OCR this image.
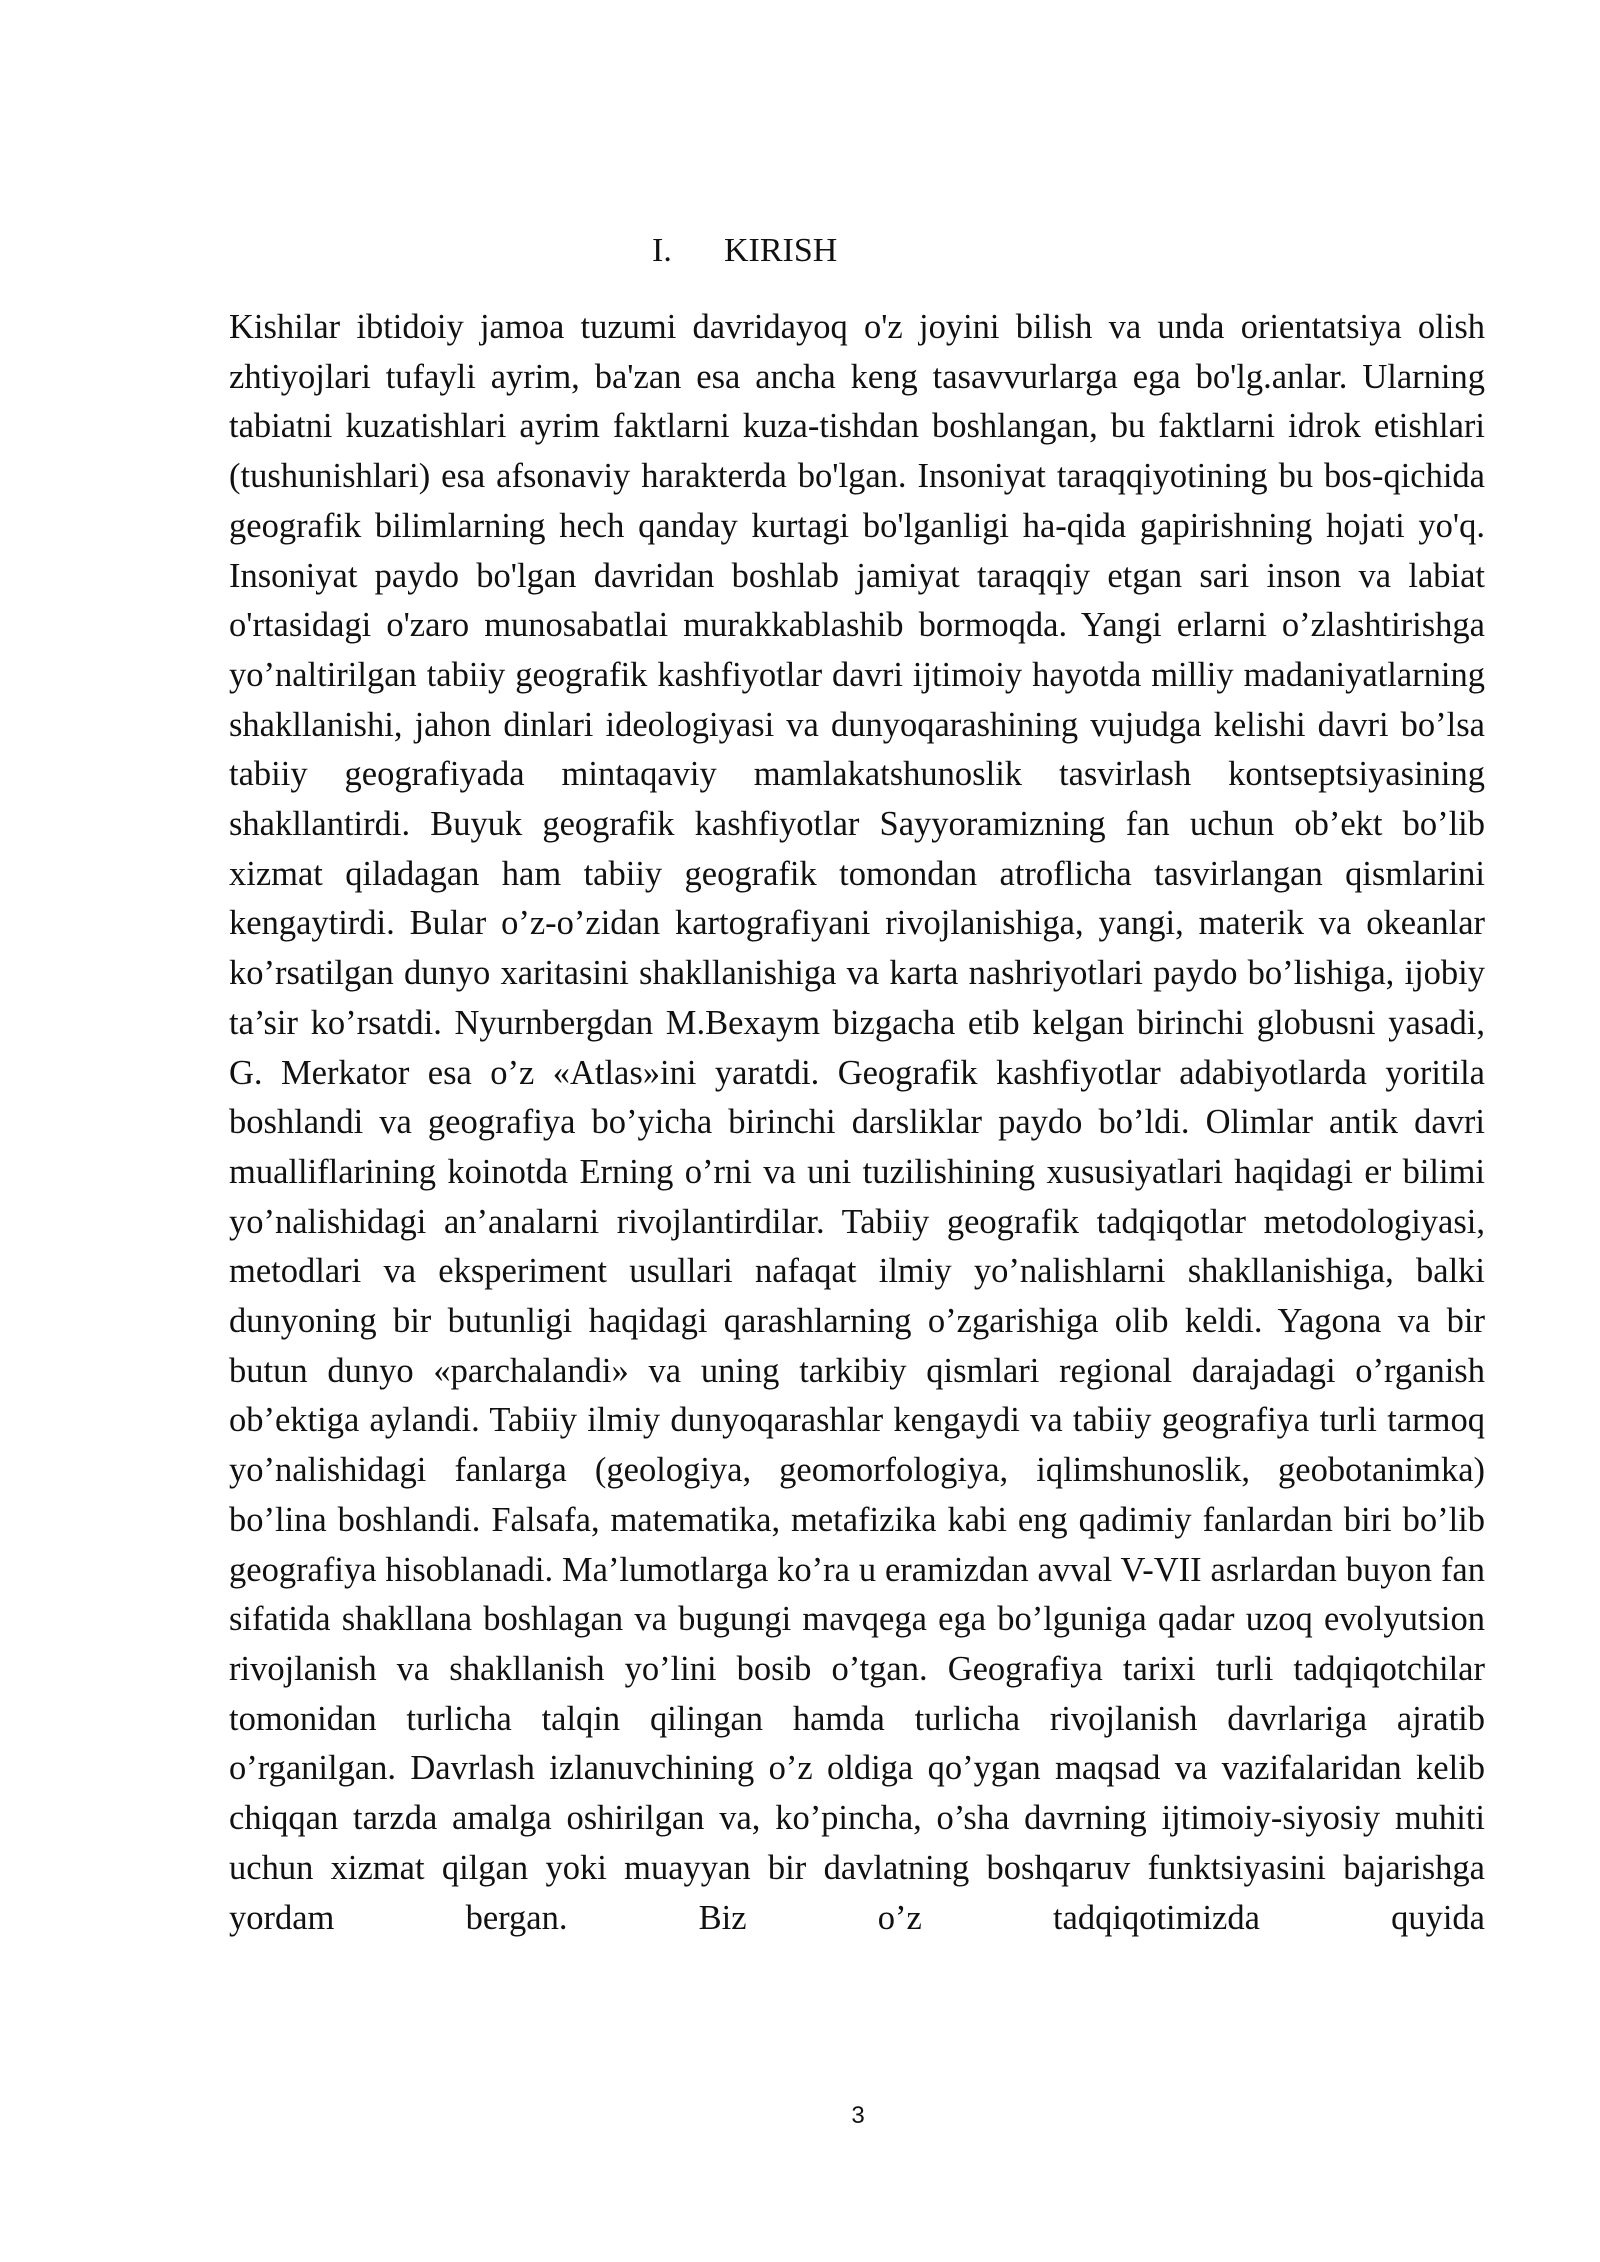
I. KIRISH

Kishilar ibtidoiy jamoa tuzumi davridayoq o'z joyini bilish va unda orientatsiya olish zhtiyojlari tufayli ayrim, ba'zan esa ancha keng tasavvurlarga ega bo'lg.anlar. Ularning tabiatni kuzatishlari ayrim faktlarni kuza-tishdan boshlangan, bu faktlarni idrok etishlari (tushunishlari) esa afsonaviy harakterda bo'lgan. Insoniyat taraqqiyotining bu bos-qichida geografik bilimlarning hech qanday kurtagi bo'lganligi ha-qida gapirishning hojati yo'q. Insoniyat paydo bo'lgan davridan boshlab jamiyat taraqqiy etgan sari inson va labiat o'rtasidagi o'zaro munosabatlai murakkablashib bormoqda. Yangi erlarni o’zlashtirishga yo’naltirilgan tabiiy geografik kashfiyotlar davri ijtimoiy hayotda milliy madaniyatlarning shakllanishi, jahon dinlari ideologiyasi va dunyoqarashining vujudga kelishi davri bo’lsa tabiiy geografiyada mintaqaviy mamlakatshunoslik tasvirlash kontseptsiyasining shakllantirdi. Buyuk geografik kashfiyotlar Sayyoramizning fan uchun ob’ekt bo’lib xizmat qiladagan ham tabiiy geografik tomondan atroflicha tasvirlangan qismlarini kengaytirdi. Bular o’z-o’zidan kartografiyani rivojlanishiga, yangi, materik va okeanlar ko’rsatilgan dunyo xaritasini shakllanishiga va karta nashriyotlari paydo bo’lishiga, ijobiy ta’sir ko’rsatdi. Nyurnbergdan M.Bexaym bizgacha etib kelgan birinchi globusni yasadi, G. Merkator esa o’z «Atlas»ini yaratdi. Geografik kashfiyotlar adabiyotlarda yoritila boshlandi va geografiya bo’yicha birinchi darsliklar paydo bo’ldi. Olimlar antik davri mualliflarining koinotda Erning o’rni va uni tuzilishining xususiyatlari haqidagi er bilimi yo’nalishidagi an’analarni rivojlantirdilar. Tabiiy geografik tadqiqotlar metodologiyasi, metodlari va eksperiment usullari nafaqat ilmiy yo’nalishlarni shakllanishiga, balki dunyoning bir butunligi haqidagi qarashlarning o’zgarishiga olib keldi. Yagona va bir butun dunyo «parchalandi» va uning tarkibiy qismlari regional darajadagi o’rganish ob’ektiga aylandi. Tabiiy ilmiy dunyoqarashlar kengaydi va tabiiy geografiya turli tarmoq yo’nalishidagi fanlarga (geologiya, geomorfologiya, iqlimshunoslik, geobotanimka) bo’lina boshlandi. Falsafa, matematika, metafizika kabi eng qadimiy fanlardan biri bo’lib geografiya hisoblanadi. Ma’lumotlarga ko’ra u eramizdan avval V-VII asrlardan buyon fan sifatida shakllana boshlagan va bugungi mavqega ega bo’lguniga qadar uzoq evolyutsion rivojlanish va shakllanish yo’lini bosib o’tgan. Geografiya tarixi turli tadqiqotchilar tomonidan turlicha talqin qilingan hamda turlicha rivojlanish davrlariga ajratib o’rganilgan. Davrlash izlanuvchining o’z oldiga qo’ygan maqsad va vazifalaridan kelib chiqqan tarzda amalga oshirilgan va, ko’pincha, o’sha davrning ijtimoiy-siyosiy muhiti uchun xizmat qilgan yoki muayyan bir davlatning boshqaruv funktsiyasini bajarishga yordam bergan. Biz o’z tadqiqotimizda quyida

3
